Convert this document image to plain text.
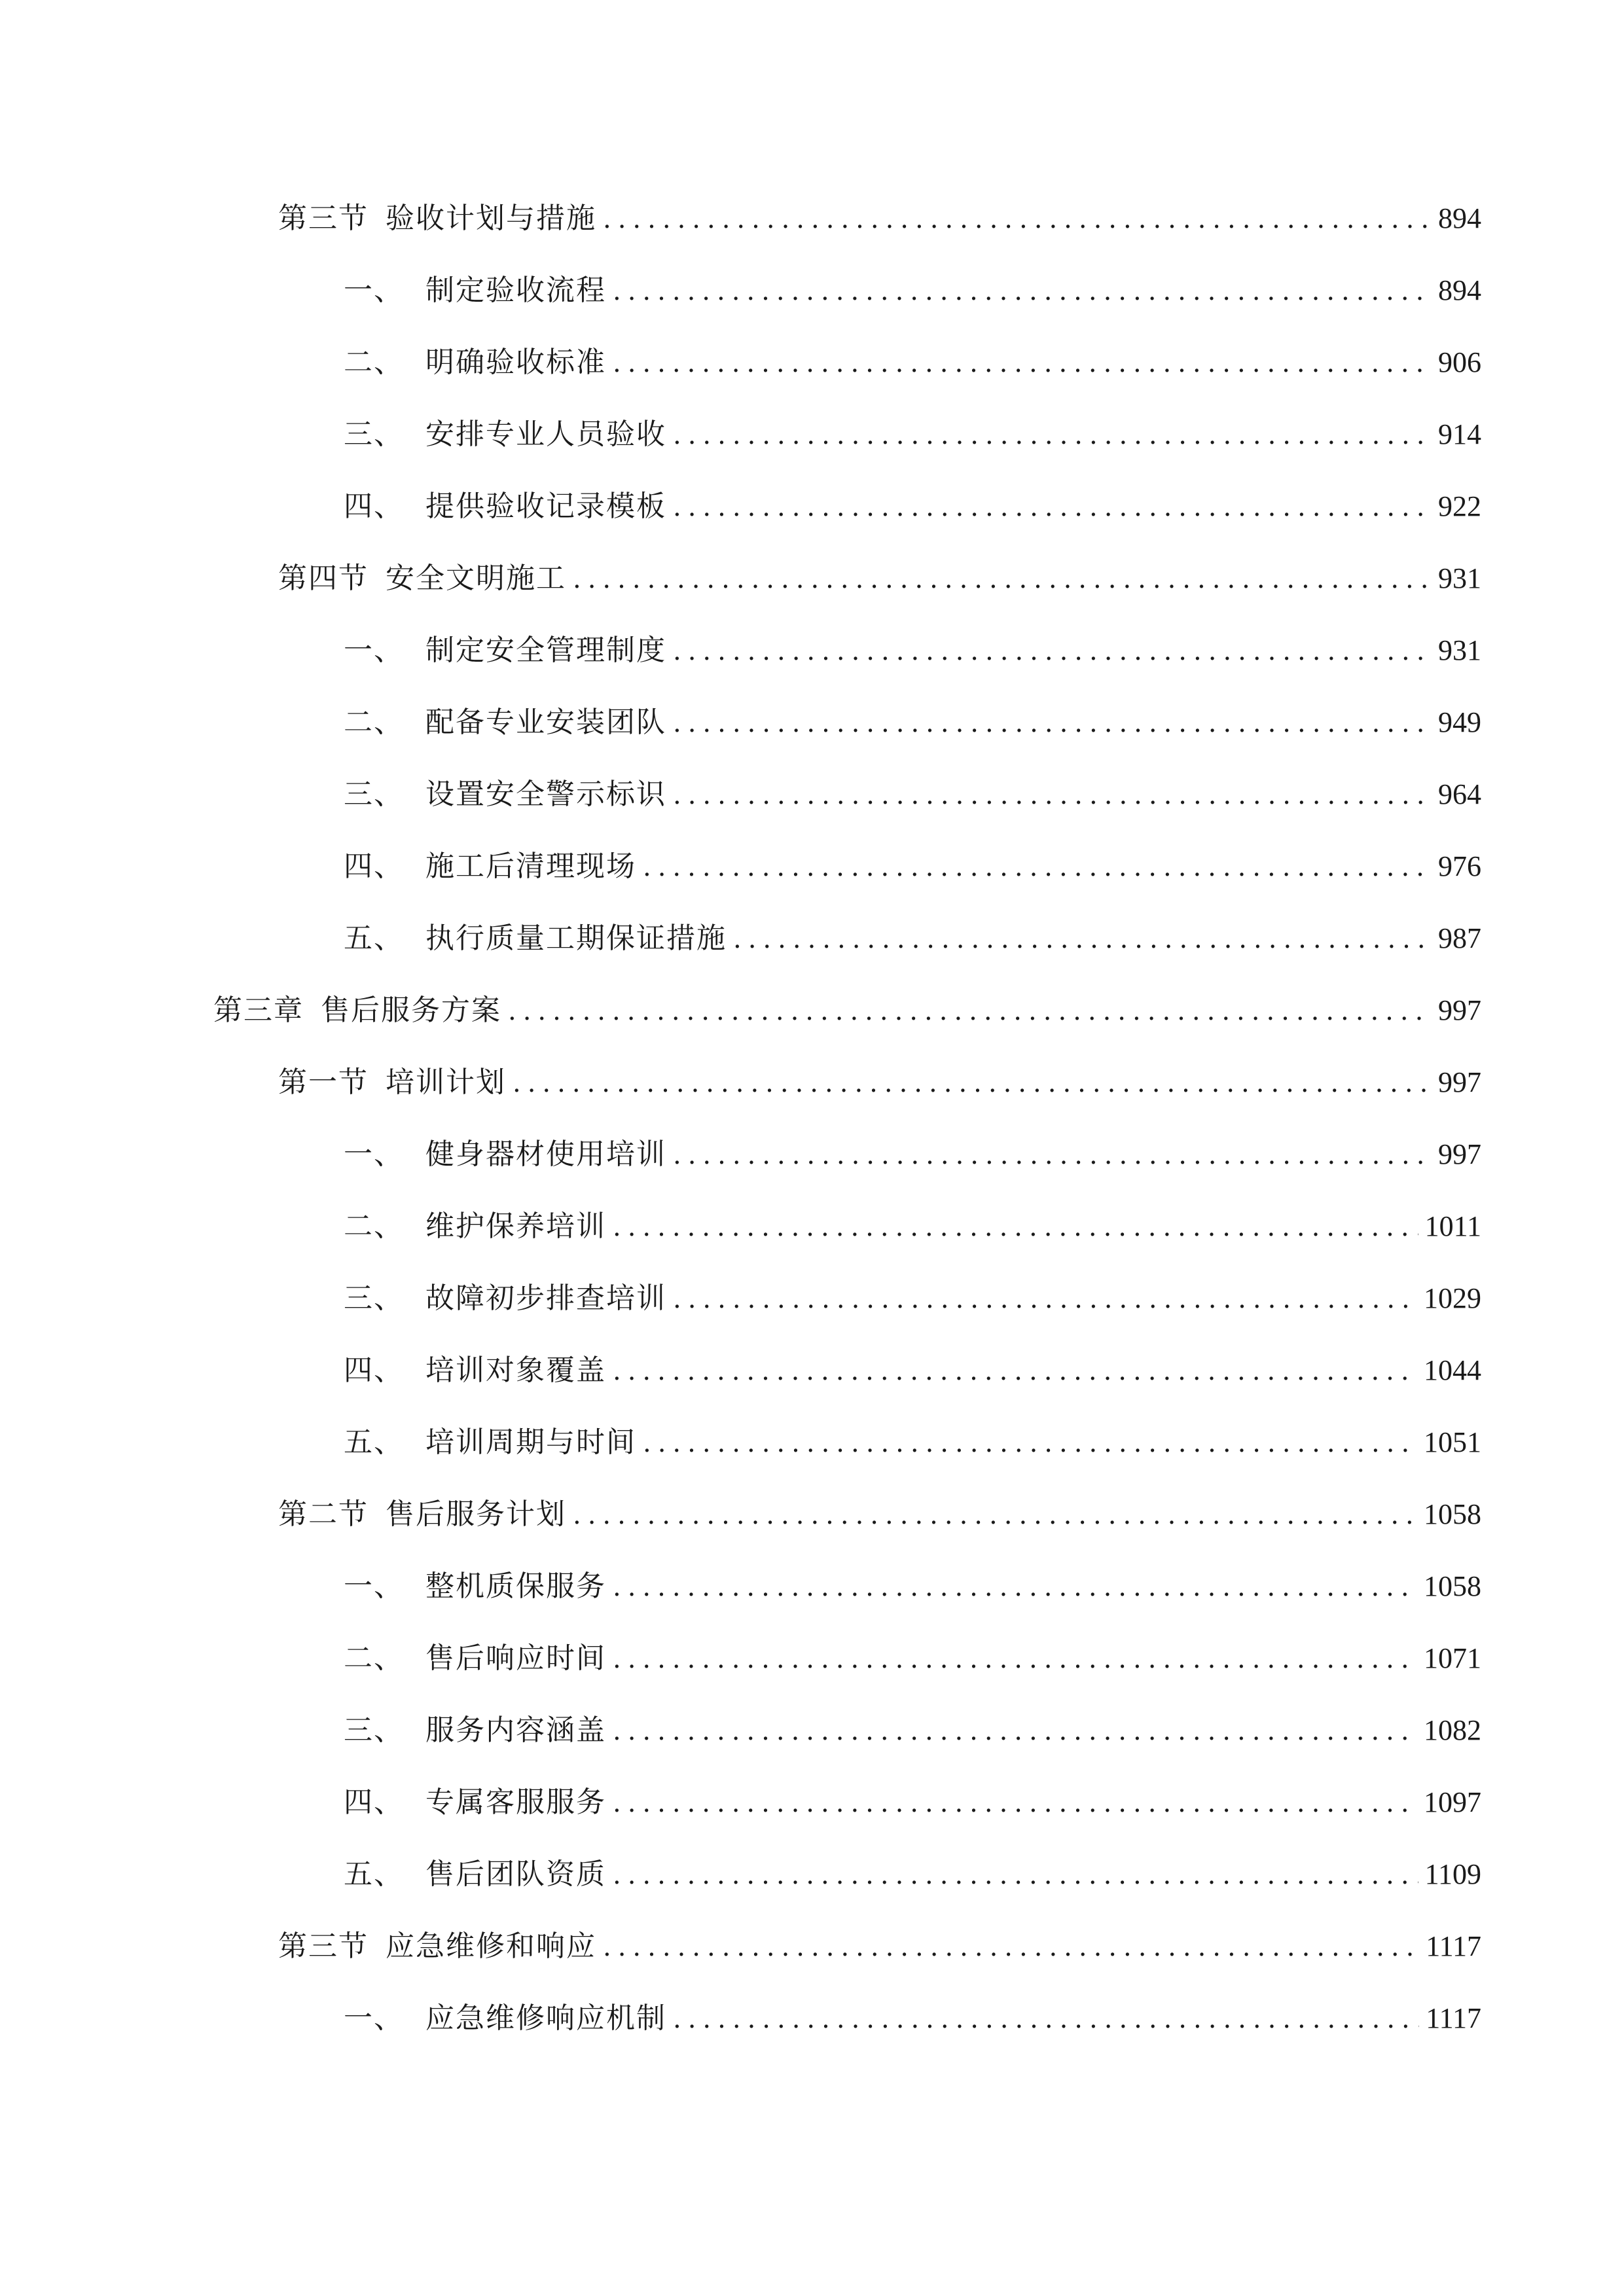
第三节 验收计划与措施 .....	894
一、 制定验收流程 .....	894
二、 明确验收标准 .....	906
三、 安排专业人员验收 .....	914
四、 提供验收记录模板 .....	922
第四节 安全文明施工 .....	931
一、 制定安全管理制度 .....	931
二、 配备专业安装团队 .....	949
三、 设置安全警示标识 .....	964
四、 施工后清理现场 .....	976
五、 执行质量工期保证措施 .....	987
第三章 售后服务方案 .....	997
第一节 培训计划 .....	997
一、 健身器材使用培训 .....	997
二、 维护保养培训 .....	1011
三、 故障初步排查培训 .....	1029
四、 培训对象覆盖 .....	1044
五、 培训周期与时间 .....	1051
第二节 售后服务计划 .....	1058
一、 整机质保服务 .....	1058
二、 售后响应时间 .....	1071
三、 服务内容涵盖 .....	1082
四、 专属客服服务 .....	1097
五、 售后团队资质 .....	1109
第三节 应急维修和响应 .....	1117
一、 应急维修响应机制 .....	1117
